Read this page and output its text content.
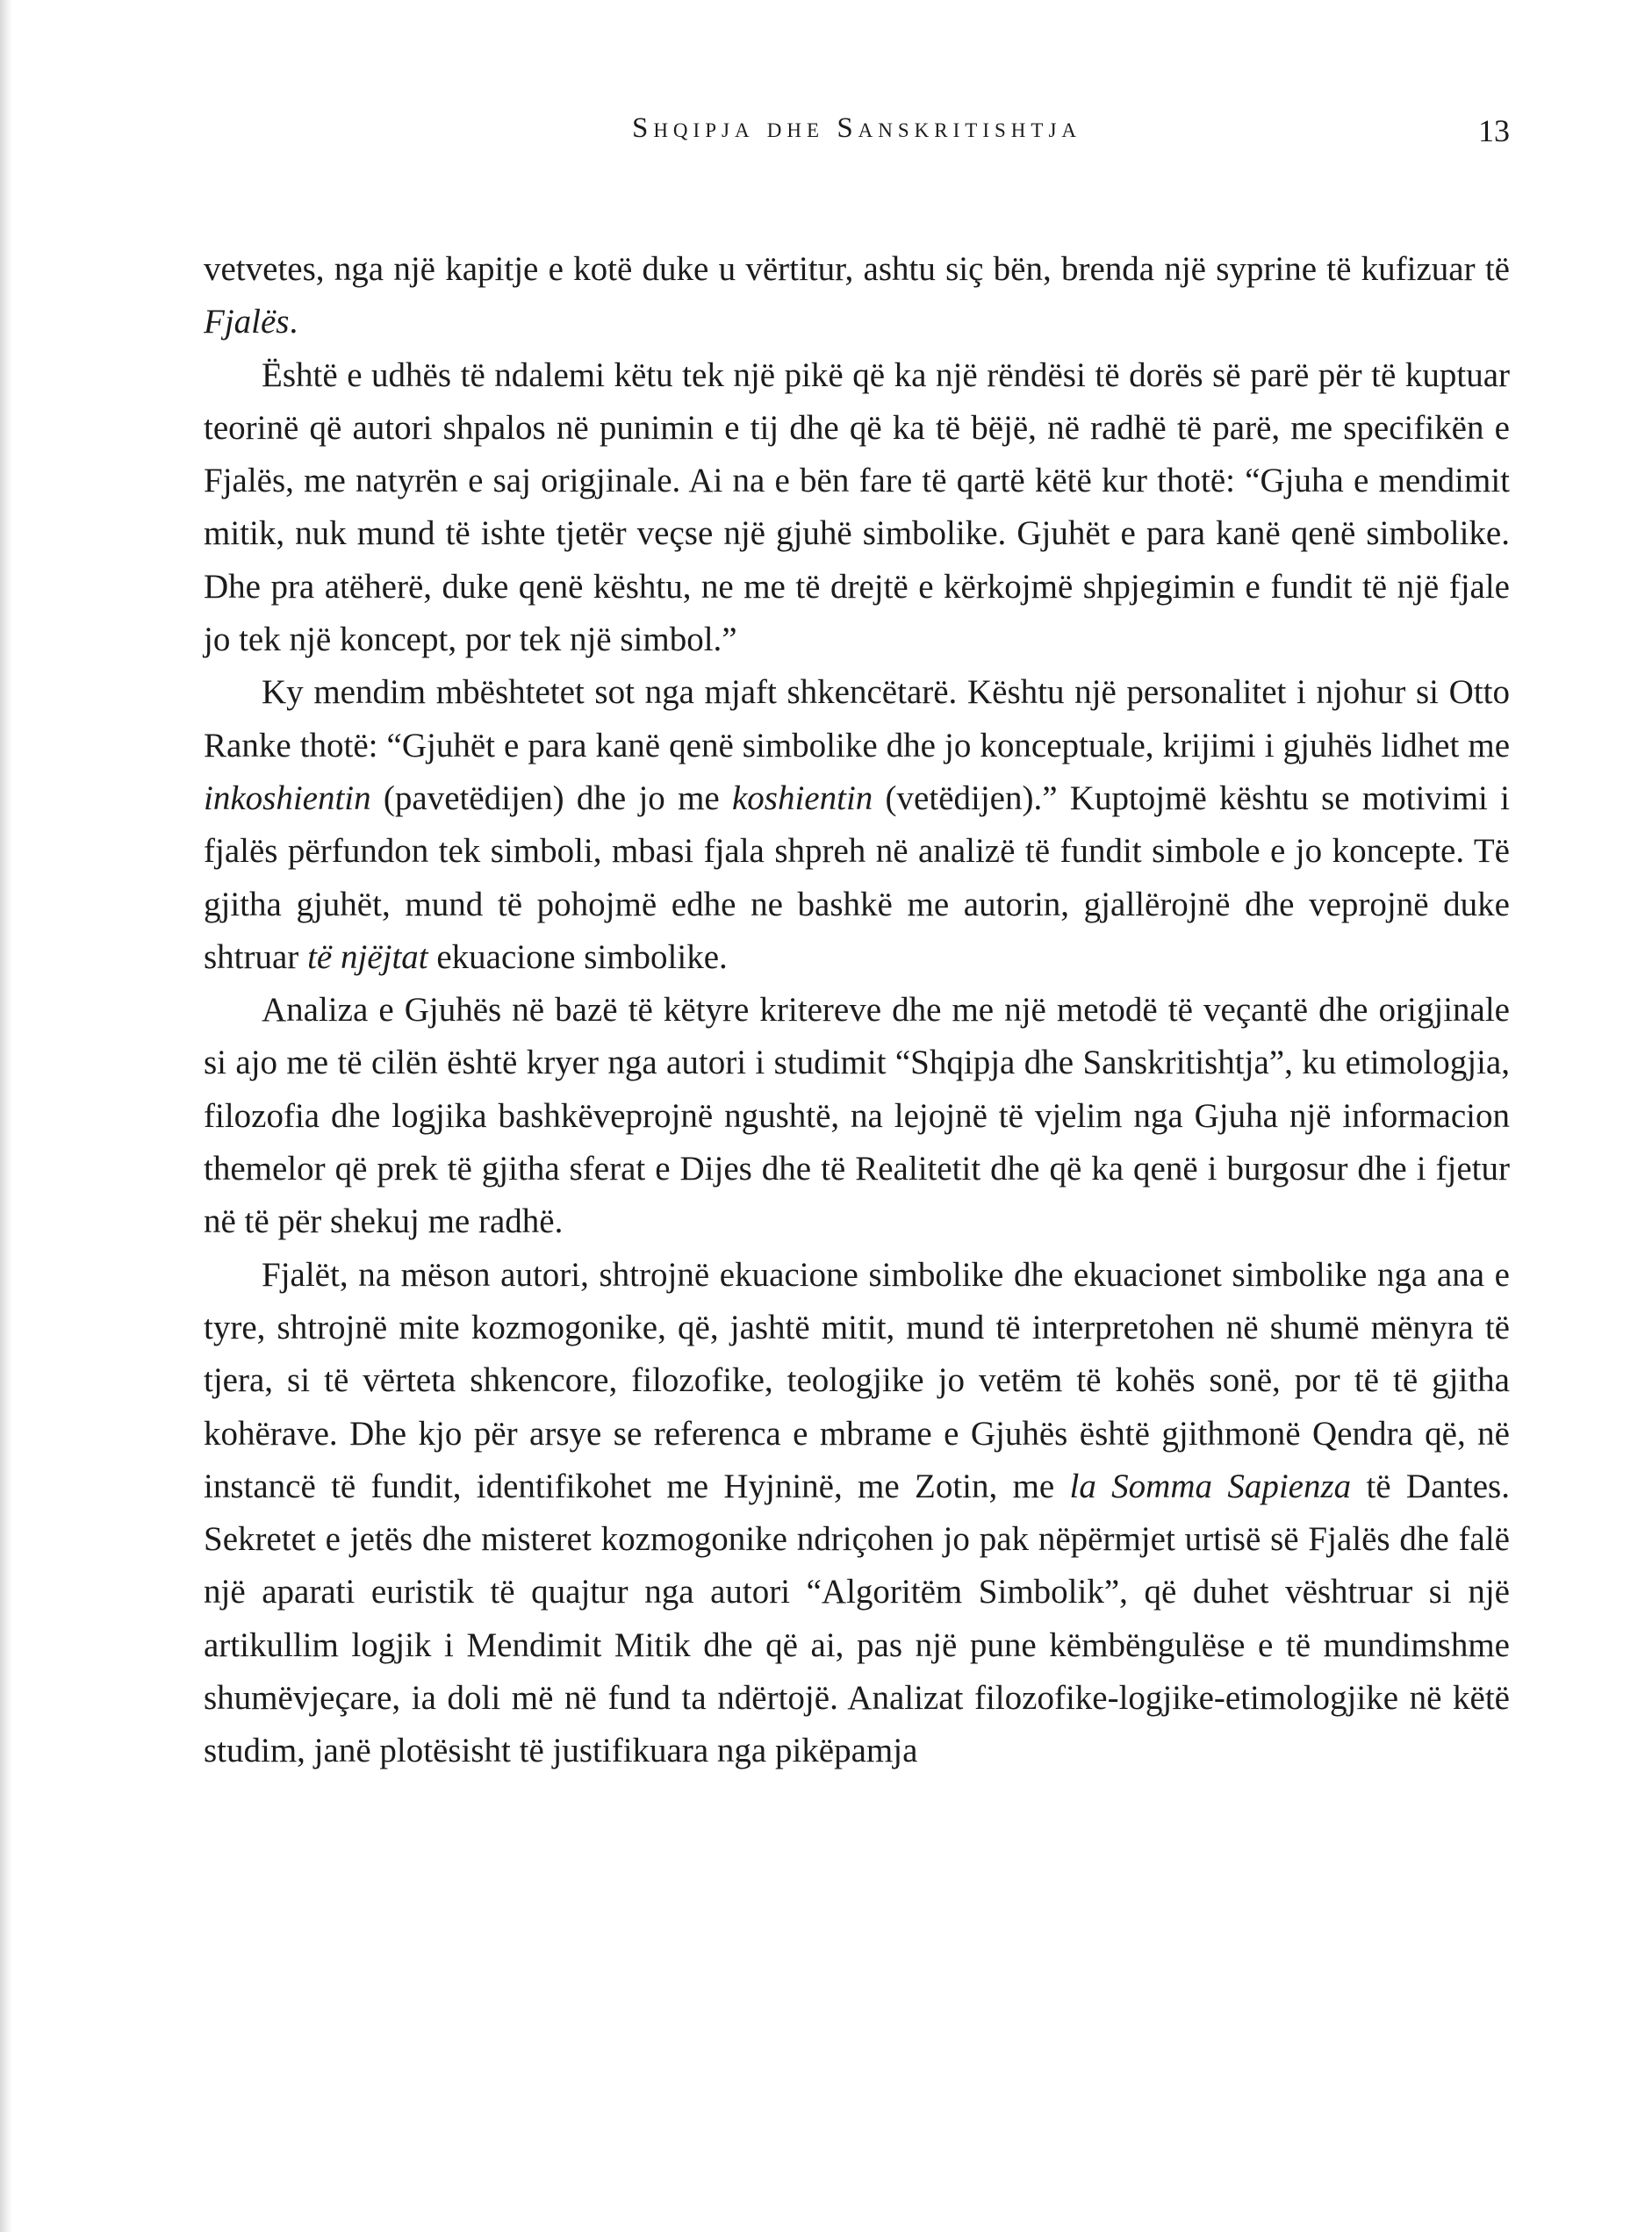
Shqipja dhe Sanskritishtja	13

vetvetes, nga një kapitje e kotë duke u vërtitur, ashtu siç bën, brenda një syprine të kufizuar të Fjalës.

Është e udhës të ndalemi këtu tek një pikë që ka një rëndësi të dorës së parë për të kuptuar teorinë që autori shpalos në punimin e tij dhe që ka të bëjë, në radhë të parë, me specifikën e Fjalës, me natyrën e saj origjinale. Ai na e bën fare të qartë këtë kur thotë: “Gjuha e mendimit mitik, nuk mund të ishte tjetër veçse një gjuhë simbolike. Gjuhët e para kanë qenë simbolike. Dhe pra atëherë, duke qenë kështu, ne me të drejtë e kërkojmë shpjegimin e fundit të një fjale jo tek një koncept, por tek një simbol.”

Ky mendim mbështetet sot nga mjaft shkencëtarë. Kështu një personalitet i njohur si Otto Ranke thotë: “Gjuhët e para kanë qenë simbolike dhe jo konceptuale, krijimi i gjuhës lidhet me inkoshientin (pavetëdijen) dhe jo me koshientin (vetëdijen).” Kuptojmë kështu se motivimi i fjalës përfundon tek simboli, mbasi fjala shpreh në analizë të fundit simbole e jo koncepte. Të gjitha gjuhët, mund të pohojmë edhe ne bashkë me autorin, gjallërojnë dhe veprojnë duke shtruar të njëjtat ekuacione simbolike.

Analiza e Gjuhës në bazë të këtyre kritereve dhe me një metodë të veçantë dhe origjinale si ajo me të cilën është kryer nga autori i studimit “Shqipja dhe Sanskritishtja”, ku etimologjia, filozofia dhe logjika bashkëveprojnë ngushtë, na lejojnë të vjelim nga Gjuha një informacion themelor që prek të gjitha sferat e Dijes dhe të Realitetit dhe që ka qenë i burgosur dhe i fjetur në të për shekuj me radhë.

Fjalët, na mëson autori, shtrojnë ekuacione simbolike dhe ekuacionet simbolike nga ana e tyre, shtrojnë mite kozmogonike, që, jashtë mitit, mund të interpretohen në shumë mënyra të tjera, si të vërteta shkencore, filozofike, teologjike jo vetëm të kohës sonë, por të të gjitha kohërave. Dhe kjo për arsye se referenca e mbrame e Gjuhës është gjithmonë Qendra që, në instancë të fundit, identifikohet me Hyjninë, me Zotin, me la Somma Sapienza të Dantes. Sekretet e jetës dhe misteret kozmogonike ndriçohen jo pak nëpërmjet urtisë së Fjalës dhe falë një aparati euristik të quajtur nga autori “Algoritëm Simbolik”, që duhet vështruar si një artikullim logjik i Mendimit Mitik dhe që ai, pas një pune këmbëngulëse e të mundimshme shumëvjeçare, ia doli më në fund ta ndërtojë. Analizat filozofike-logjike-etimologjike në këtë studim, janë plotësisht të justifikuara nga pikëpamja
